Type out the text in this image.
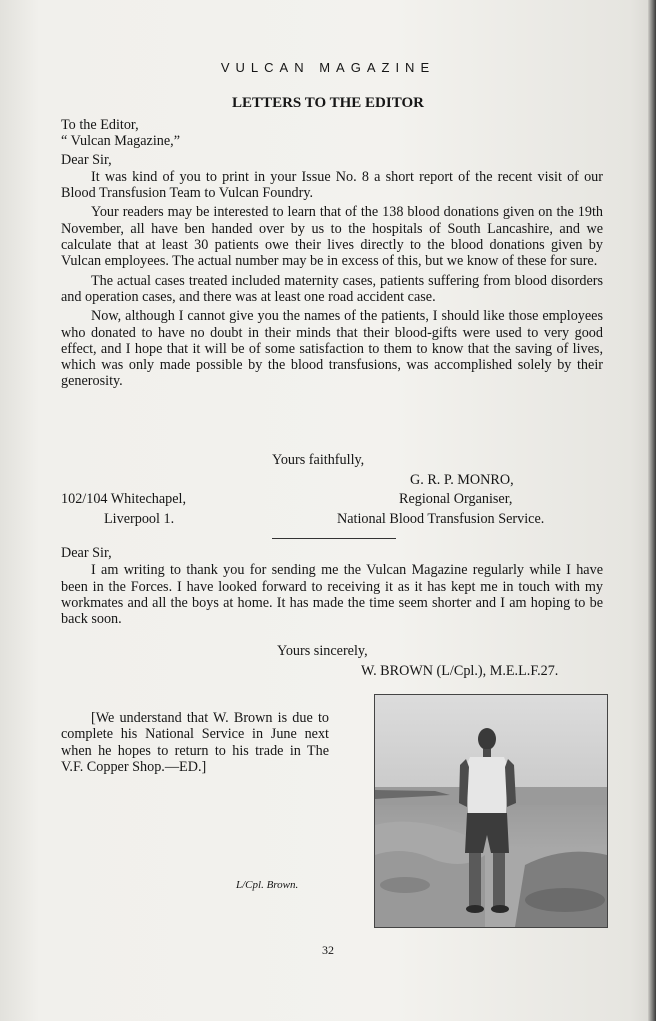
VULCAN MAGAZINE
LETTERS TO THE EDITOR

To the Editor,

“ Vulcan Magazine,”

Dear Sir,

It was kind of you to print in your Issue No. 8 a short report of the recent visit of our Blood Transfusion Team to Vulcan Foundry.

Your readers may be interested to learn that of the 138 blood donations given on the 19th November, all have ben handed over by us to the hospitals of South Lancashire, and we calculate that at least 30 patients owe their lives directly to the blood donations given by Vulcan employees. The actual number may be in excess of this, but we know of these for sure.

The actual cases treated included maternity cases, patients suffering from blood disorders and operation cases, and there was at least one road accident case.

Now, although I cannot give you the names of the patients, I should like those employees who donated to have no doubt in their minds that their blood-gifts were used to very good effect, and I hope that it will be of some satisfaction to them to know that the saving of lives, which was only made possible by the blood transfusions, was accomplished solely by their generosity.

Yours faithfully,
G. R. P. MONRO,
Regional Organiser,
102/104 Whitechapel,
Liverpool 1.	National Blood Transfusion Service.

Dear Sir,

I am writing to thank you for sending me the Vulcan Magazine regularly while I have been in the Forces. I have looked forward to receiving it as it has kept me in touch with my workmates and all the boys at home. It has made the time seem shorter and I am hoping to be back soon.

Yours sincerely,
W. BROWN (L/Cpl.), M.E.L.F.27.
[We understand that W. Brown is due to complete his National Service in June next when he hopes to return to his trade in The V.F. Copper Shop.—ED.]
L/Cpl. Brown.
32
